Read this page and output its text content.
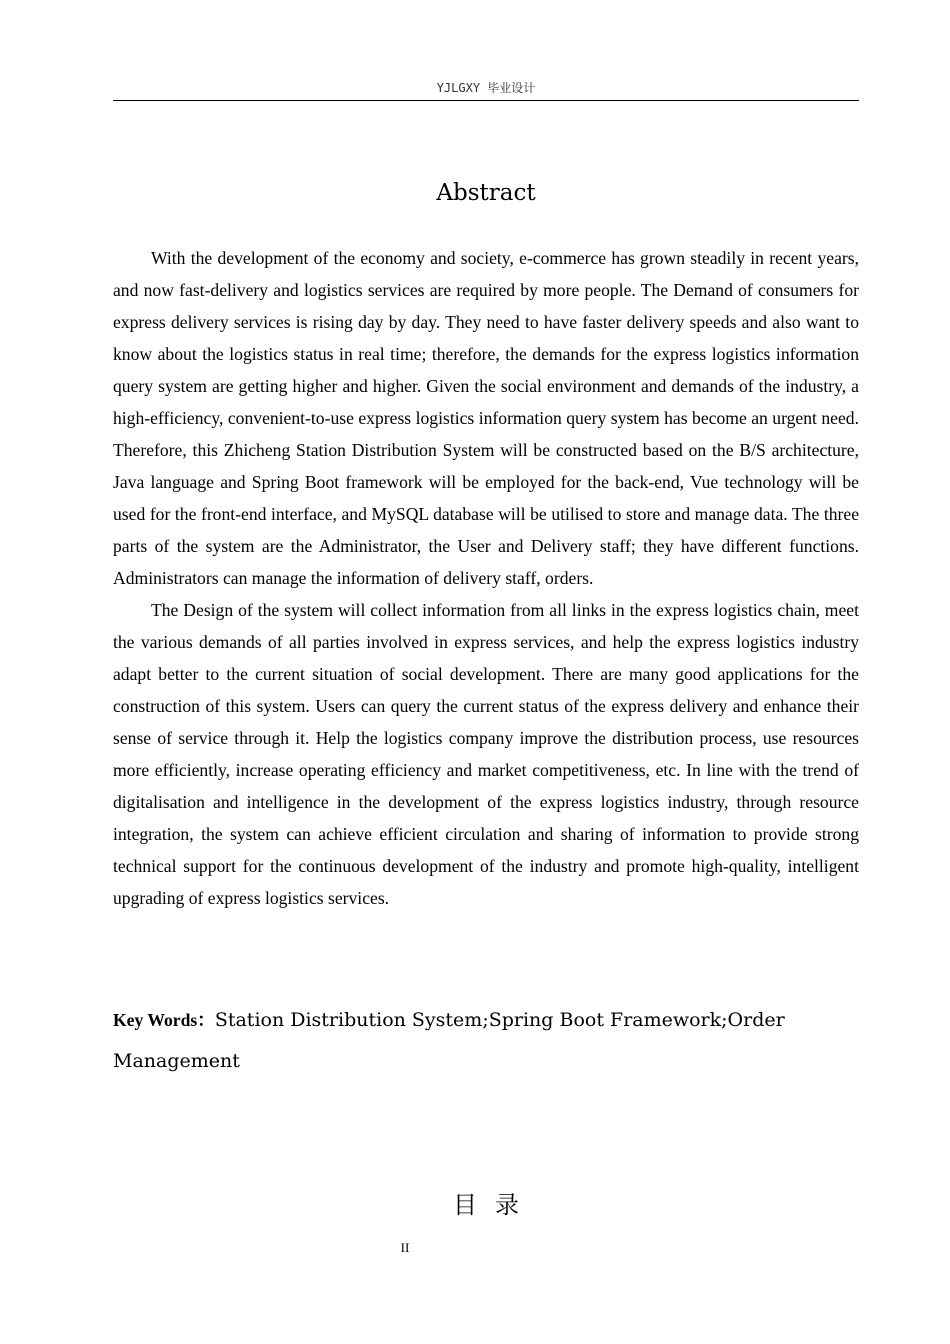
YJLGXY 毕业设计
Abstract

With the development of the economy and society, e-commerce has grown steadily in recent years, and now fast-delivery and logistics services are required by more people. The Demand of consumers for express delivery services is rising day by day. They need to have faster delivery speeds and also want to know about the logistics status in real time; therefore, the demands for the express logistics information query system are getting higher and higher. Given the social environment and demands of the industry, a high-efficiency, convenient-to-use express logistics information query system has become an urgent need. Therefore, this Zhicheng Station Distribution System will be constructed based on the B/S architecture, Java language and Spring Boot framework will be employed for the back-end, Vue technology will be used for the front-end interface, and MySQL database will be utilised to store and manage data. The three parts of the system are the Administrator, the User and Delivery staff; they have different functions. Administrators can manage the information of delivery staff, orders.

The Design of the system will collect information from all links in the express logistics chain, meet the various demands of all parties involved in express services, and help the express logistics industry adapt better to the current situation of social development. There are many good applications for the construction of this system. Users can query the current status of the express delivery and enhance their sense of service through it. Help the logistics company improve the distribution process, use resources more efficiently, increase operating efficiency and market competitiveness, etc. In line with the trend of digitalisation and intelligence in the development of the express logistics industry, through resource integration, the system can achieve efficient circulation and sharing of information to provide strong technical support for the continuous development of the industry and promote high-quality, intelligent upgrading of express logistics services.

Key Words：Station Distribution System;Spring Boot Framework;Order Management
目录
II
